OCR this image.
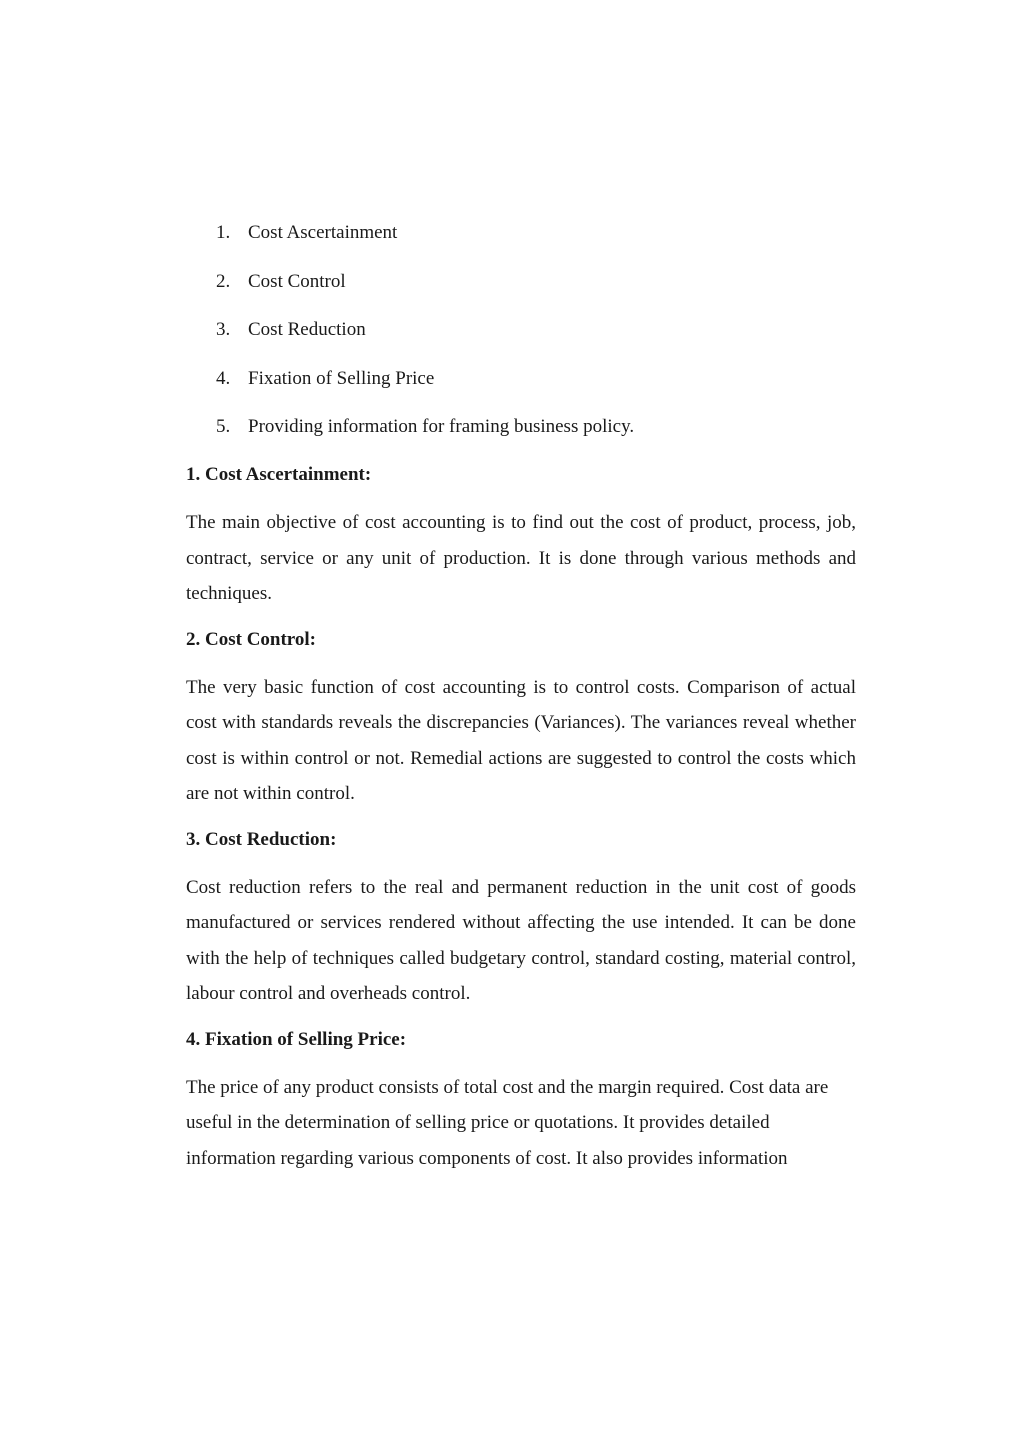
1. Cost Ascertainment
2. Cost Control
3. Cost Reduction
4. Fixation of Selling Price
5. Providing information for framing business policy.

1. Cost Ascertainment:

The main objective of cost accounting is to find out the cost of product, process, job, contract, service or any unit of production. It is done through various methods and techniques.

2. Cost Control:

The very basic function of cost accounting is to control costs. Comparison of actual cost with standards reveals the discrepancies (Variances). The variances reveal whether cost is within control or not. Remedial actions are suggested to control the costs which are not within control.

3. Cost Reduction:

Cost reduction refers to the real and permanent reduction in the unit cost of goods manufactured or services rendered without affecting the use intended. It can be done with the help of techniques called budgetary control, standard costing, material control, labour control and overheads control.

4. Fixation of Selling Price:

The price of any product consists of total cost and the margin required. Cost data are useful in the determination of selling price or quotations. It provides detailed information regarding various components of cost. It also provides information
